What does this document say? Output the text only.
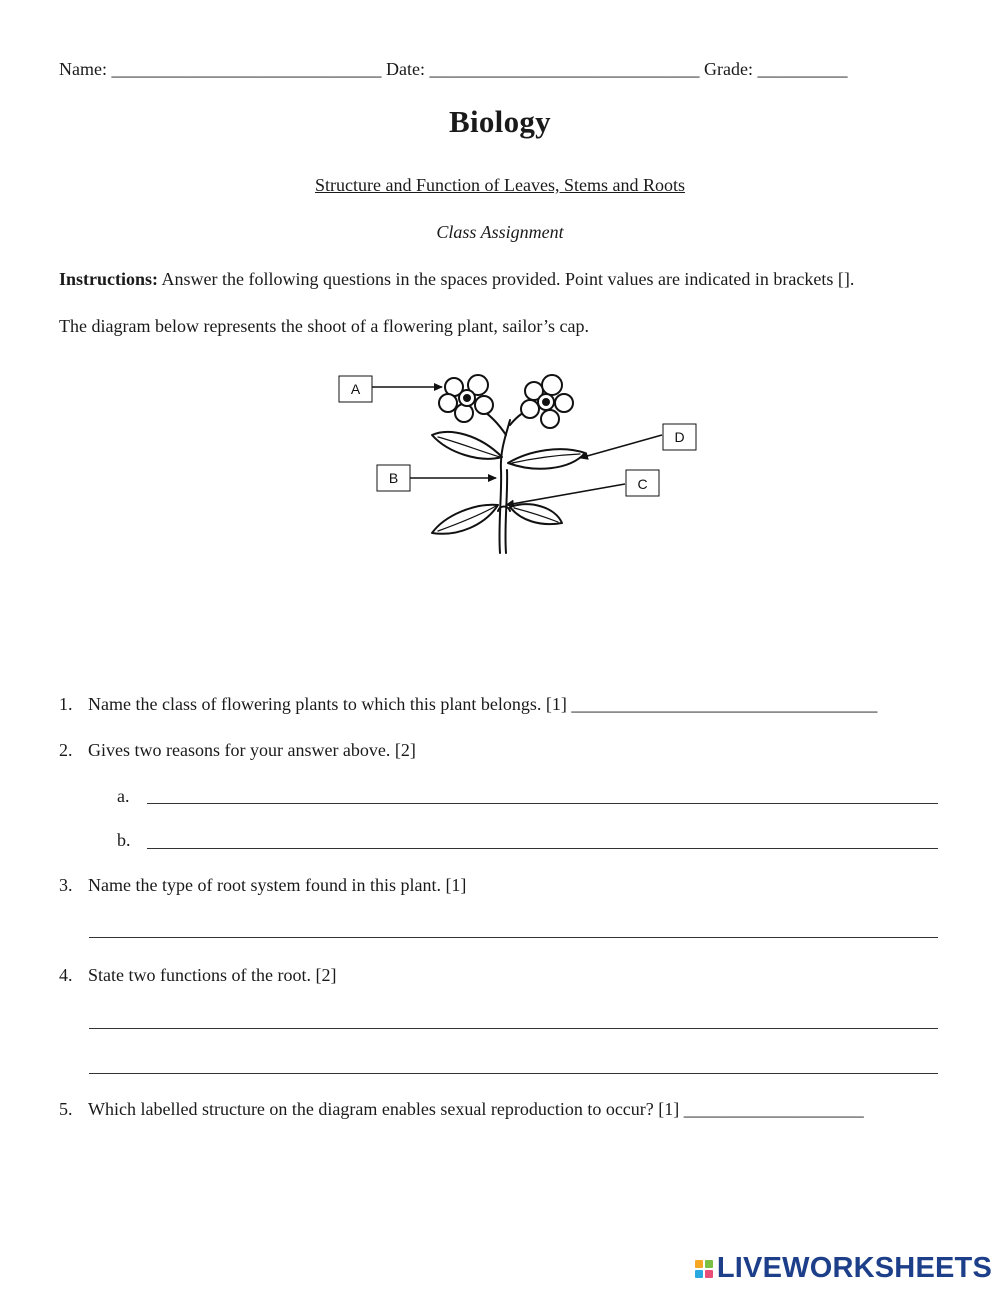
Name: ______________________________ Date: ______________________________ Grade: __________
Biology
Structure and Function of Leaves, Stems and Roots
Class Assignment
Instructions: Answer the following questions in the spaces provided. Point values are indicated in brackets [].
The diagram below represents the shoot of a flowering plant, sailor’s cap.
A
B	C
D
1. Name the class of flowering plants to which this plant belongs. [1] __________________________________
2. Gives two reasons for your answer above. [2]
a.
b.
3. Name the type of root system found in this plant. [1]
4. State two functions of the root. [2]
5. Which labelled structure on the diagram enables sexual reproduction to occur? [1] ____________________
LIVEWORKSHEETS
